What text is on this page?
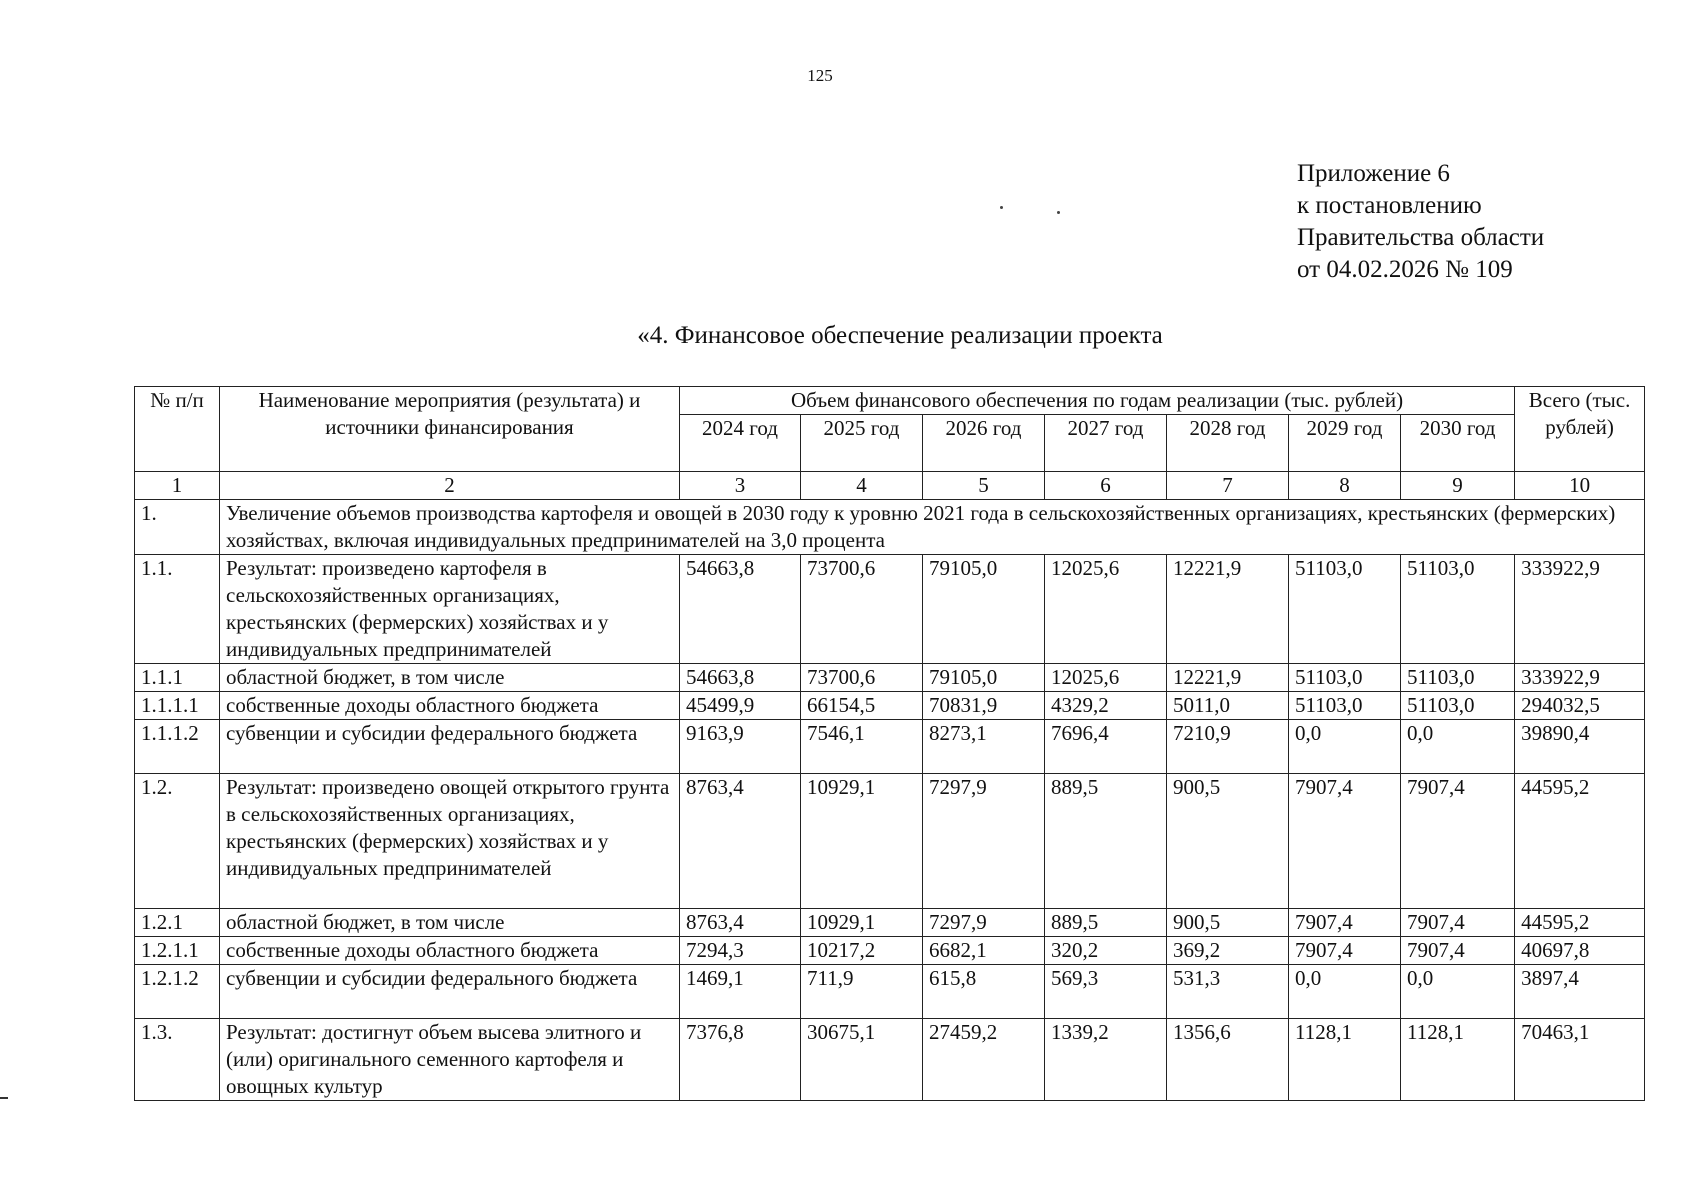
125
Приложение 6
к постановлению
Правительства области
от 04.02.2026 № 109
«4. Финансовое обеспечение реализации проекта
№ п/п	Наименование мероприятия (результата) и источники финансирования	Объем финансового обеспечения по годам реализации (тыс. рублей)							Всего (тыс. рублей)
		2024 год	2025 год	2026 год	2027 год	2028 год	2029 год	2030 год	
1	2	3	4	5	6	7	8	9	10
1.	Увеличение объемов производства картофеля и овощей в 2030 году к уровню 2021 года в сельскохозяйственных организациях, крестьянских (фермерских) хозяйствах, включая индивидуальных предпринимателей на 3,0 процента								
1.1.	Результат: произведено картофеля в сельскохозяйственных организациях, крестьянских (фермерских) хозяйствах и у индивидуальных предпринимателей	54663,8	73700,6	79105,0	12025,6	12221,9	51103,0	51103,0	333922,9
1.1.1	областной бюджет, в том числе	54663,8	73700,6	79105,0	12025,6	12221,9	51103,0	51103,0	333922,9
1.1.1.1	собственные доходы областного бюджета	45499,9	66154,5	70831,9	4329,2	5011,0	51103,0	51103,0	294032,5
1.1.1.2	субвенции и субсидии федерального бюджета	9163,9	7546,1	8273,1	7696,4	7210,9	0,0	0,0	39890,4
1.2.	Результат: произведено овощей открытого грунта в сельскохозяйственных организациях, крестьянских (фермерских) хозяйствах и у индивидуальных предпринимателей	8763,4	10929,1	7297,9	889,5	900,5	7907,4	7907,4	44595,2
1.2.1	областной бюджет, в том числе	8763,4	10929,1	7297,9	889,5	900,5	7907,4	7907,4	44595,2
1.2.1.1	собственные доходы областного бюджета	7294,3	10217,2	6682,1	320,2	369,2	7907,4	7907,4	40697,8
1.2.1.2	субвенции и субсидии федерального бюджета	1469,1	711,9	615,8	569,3	531,3	0,0	0,0	3897,4
1.3.	Результат: достигнут объем высева элитного и (или) оригинального семенного картофеля и овощных культур	7376,8	30675,1	27459,2	1339,2	1356,6	1128,1	1128,1	70463,1
